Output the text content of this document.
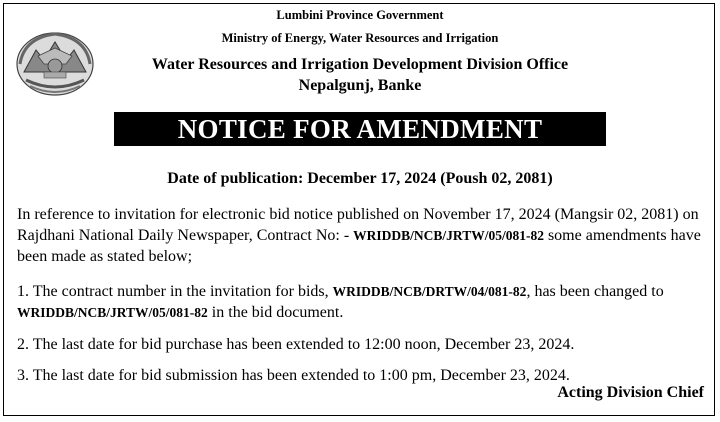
Lumbini Province Government
Ministry of Energy, Water Resources and Irrigation
Water Resources and Irrigation Development Division Office
Nepalgunj, Banke
NOTICE FOR AMENDMENT
Date of publication: December 17, 2024 (Poush 02, 2081)
In reference to invitation for electronic bid notice published on November 17, 2024 (Mangsir 02, 2081) on Rajdhani National Daily Newspaper, Contract No: - WRIDDB/NCB/JRTW/05/081-82 some amendments have been made as stated below;
1. The contract number in the invitation for bids, WRIDDB/NCB/DRTW/04/081-82, has been changed to WRIDDB/NCB/JRTW/05/081-82 in the bid document.
2. The last date for bid purchase has been extended to 12:00 noon, December 23, 2024.
3. The last date for bid submission has been extended to 1:00 pm, December 23, 2024.
Acting Division Chief
